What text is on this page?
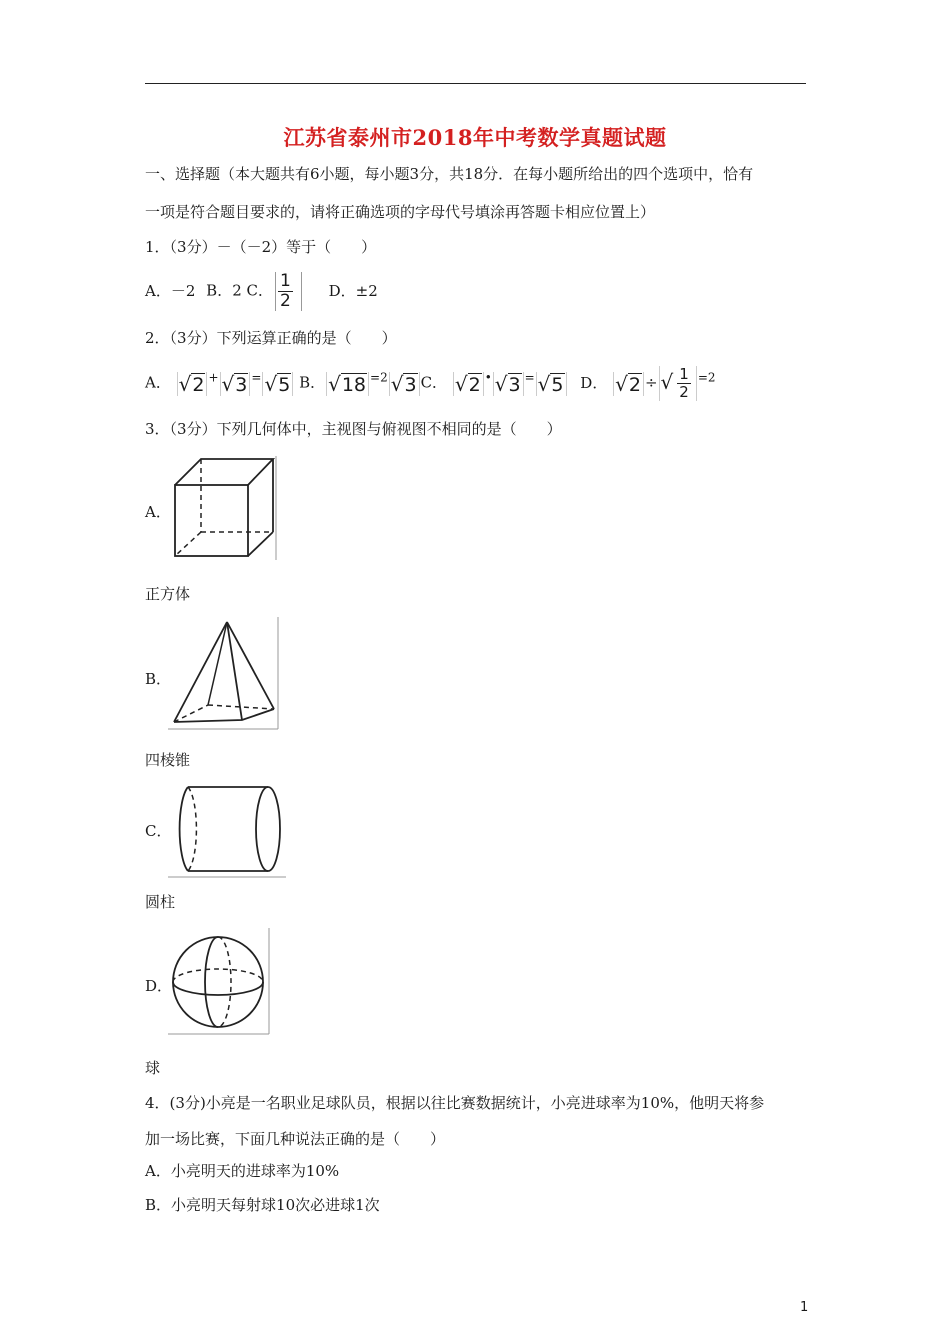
江苏省泰州市2018年中考数学真题试题
一、选择题（本大题共有6小题，每小题3分，共18分．在每小题所给出的四个选项中，恰有
一项是符合题目要求的，请将正确选项的字母代号填涂再答题卡相应位置上）
1．（3分）－（－2）等于（　　）
A．－2 B．2 C． $\frac{1}{2}$ D．±2
2．（3分）下列运算正确的是（　　）
A． √2 + √3 = √5 B． √18 $^{=2}$ √3 C． √2 • √3 = √5 D． √2 ÷ √ $\frac{1}{2} ^{=2}$
3．（3分）下列几何体中，主视图与俯视图不相同的是（　　）
A．
正方体
B．
四棱锥
C．
圆柱
D．
球
4．(3分)小亮是一名职业足球队员，根据以往比赛数据统计，小亮进球率为10%，他明天将参
加一场比赛，下面几种说法正确的是（　　）
A．小亮明天的进球率为10%
B．小亮明天每射球10次必进球1次
1
